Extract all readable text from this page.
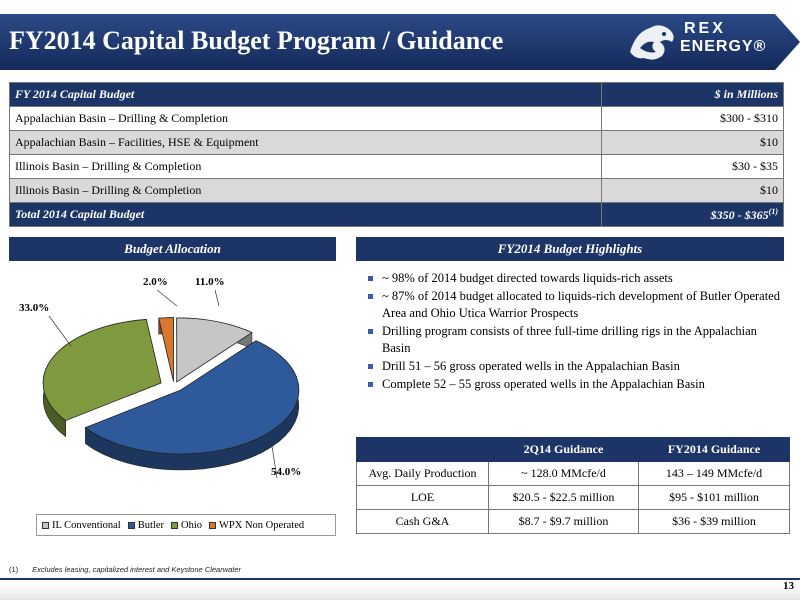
FY2014 Capital Budget Program / Guidance	REX
ENERGY®
FY 2014 Capital Budget	$ in Millions
Appalachian Basin – Drilling & Completion	$300 - $310
Appalachian Basin – Facilities, HSE & Equipment	$10
Illinois Basin – Drilling & Completion	$30 - $35
Illinois Basin – Drilling & Completion	$10
Total 2014 Capital Budget	$350 - $365$^{(1)}$
Budget Allocation	FY2014 Budget Highlights
11.0%
54.0%
33.0%
2.0%
IL Conventional Butler Ohio WPX Non Operated
~ 98% of 2014 budget directed towards liquids-rich assets
~ 87% of 2014 budget allocated to liquids-rich development of Butler Operated Area and Ohio Utica Warrior Prospects
Drilling program consists of three full-time drilling rigs in the Appalachian Basin
Drill 51 – 56 gross operated wells in the Appalachian Basin
Complete 52 – 55 gross operated wells in the Appalachian Basin
	2Q14 Guidance	FY2014 Guidance
Avg. Daily Production	~ 128.0 MMcfe/d	143 – 149 MMcfe/d
LOE	$20.5 - $22.5 million	$95 - $101 million
Cash G&A	$8.7 - $9.7 million	$36 - $39 million
(1) Excludes leasing, capitalized interest and Keystone Clearwater
13
